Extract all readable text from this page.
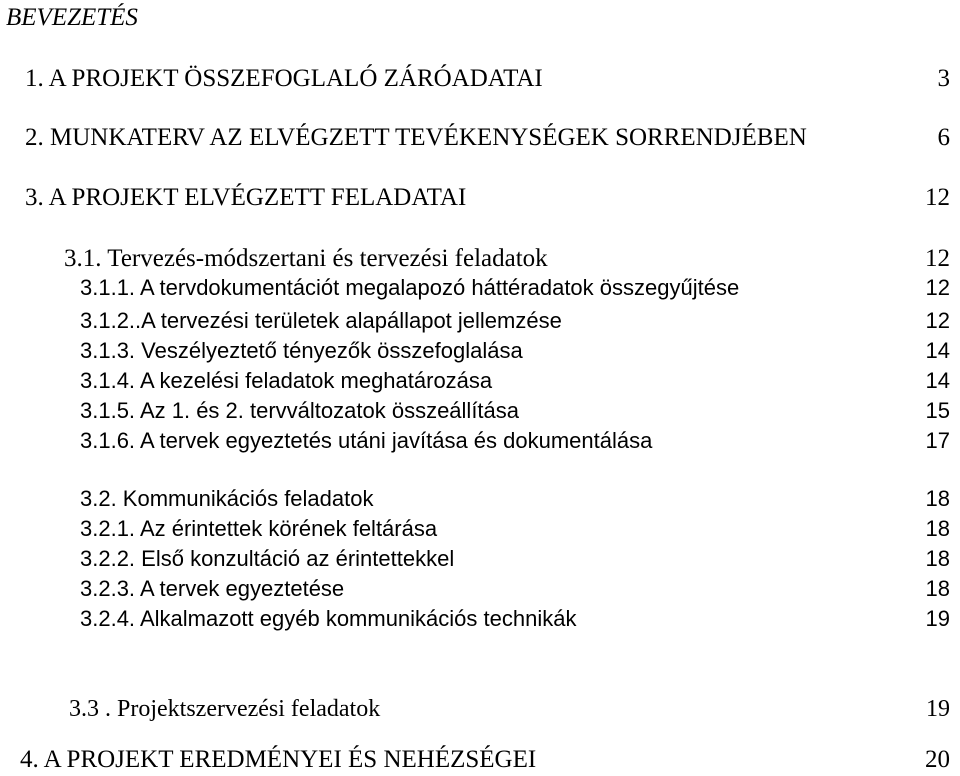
BEVEZETÉS
1. A PROJEKT ÖSSZEFOGLALÓ ZÁRÓADATAI	3
2. MUNKATERV AZ ELVÉGZETT TEVÉKENYSÉGEK SORRENDJÉBEN	6
3. A PROJEKT ELVÉGZETT FELADATAI	12
3.1. Tervezés-módszertani és tervezési feladatok	12
3.1.1. A tervdokumentációt megalapozó háttéradatok összegyűjtése	12
3.1.2..A tervezési területek alapállapot jellemzése	12
3.1.3. Veszélyeztető tényezők összefoglalása	14
3.1.4. A kezelési feladatok meghatározása	14
3.1.5. Az 1. és 2. tervváltozatok összeállítása	15
3.1.6. A tervek egyeztetés utáni javítása és dokumentálása	17
3.2. Kommunikációs feladatok	18
3.2.1. Az érintettek körének feltárása	18
3.2.2. Első konzultáció az érintettekkel	18
3.2.3. A tervek egyeztetése	18
3.2.4. Alkalmazott egyéb kommunikációs technikák	19
3.3 . Projektszervezési feladatok	19
4. A PROJEKT EREDMÉNYEI ÉS NEHÉZSÉGEI	20
